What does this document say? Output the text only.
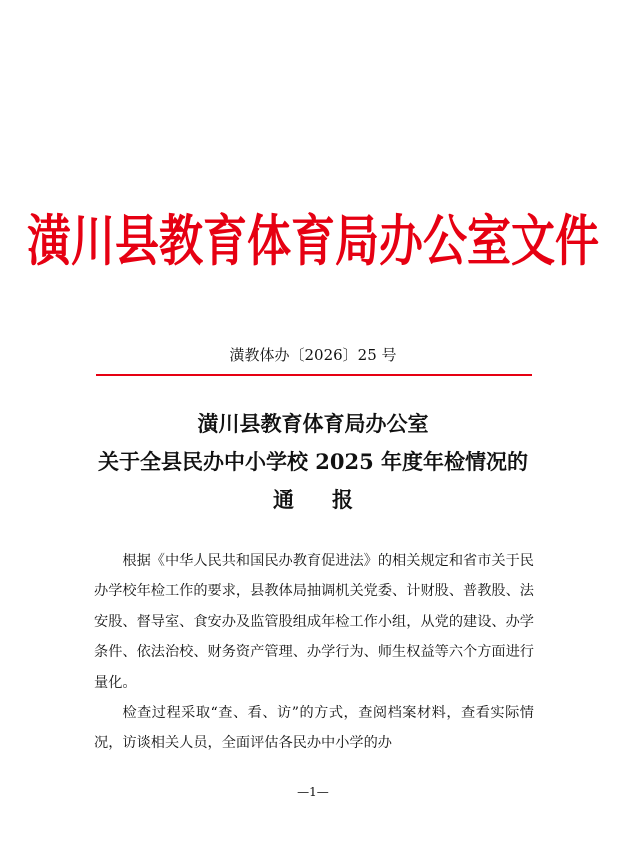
潢川县教育体育局办公室文件
潢教体办〔2026〕25 号
潢川县教育体育局办公室
关于全县民办中小学校 2025 年度年检情况的
通报

根据《中华人民共和国民办教育促进法》的相关规定和省市关于民办学校年检工作的要求，县教体局抽调机关党委、计财股、普教股、法安股、督导室、食安办及监管股组成年检工作小组，从党的建设、办学条件、依法治校、财务资产管理、办学行为、师生权益等六个方面进行量化。

检查过程采取“查、看、访”的方式，查阅档案材料，查看实际情况，访谈相关人员，全面评估各民办中小学的办

—1—
